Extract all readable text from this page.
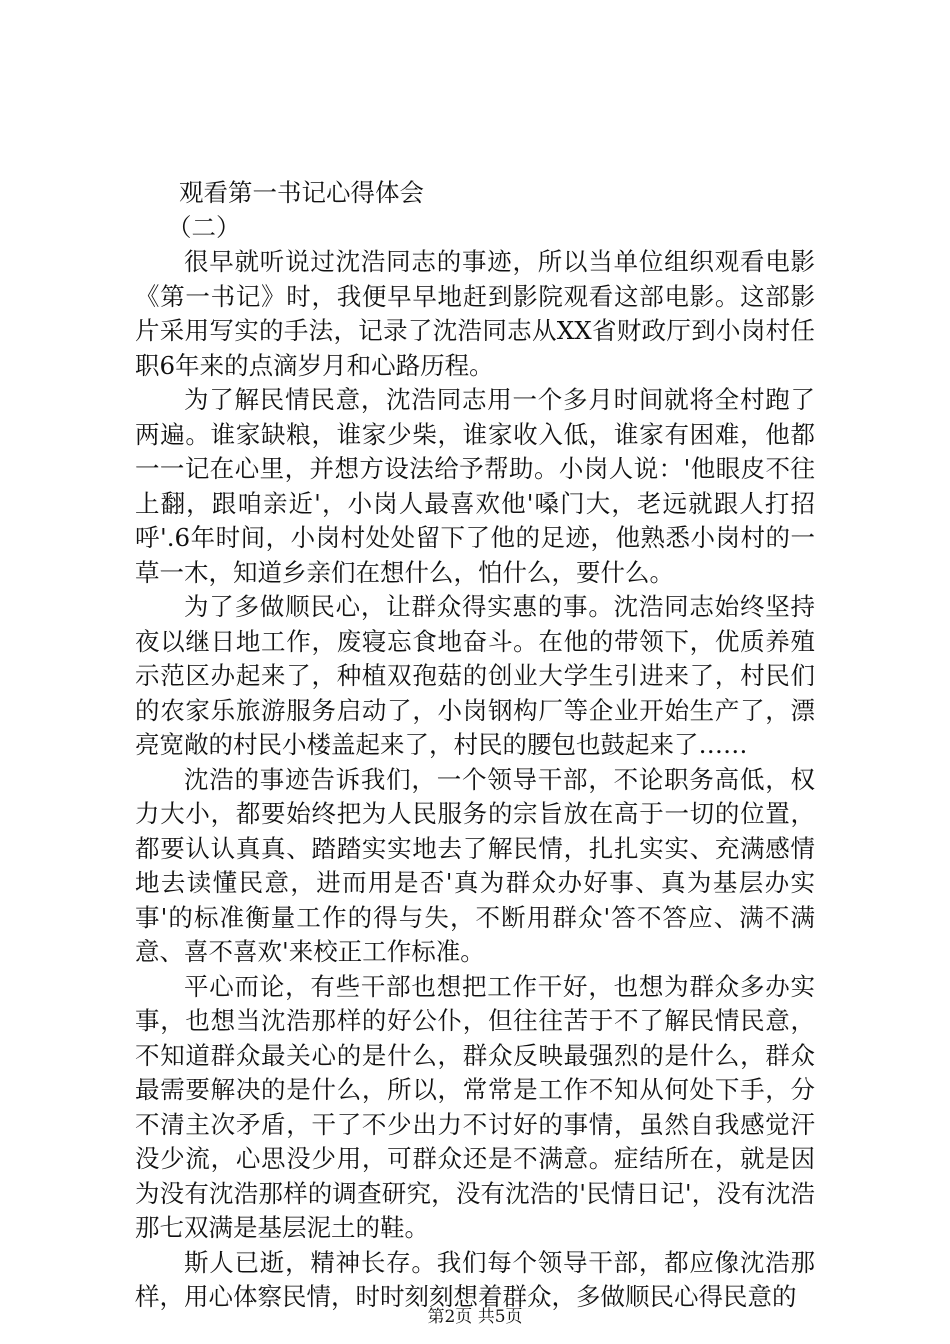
观看第一书记心得体会

（二）

很早就听说过沈浩同志的事迹，所以当单位组织观看电影《第一书记》时，我便早早地赶到影院观看这部电影。这部影片采用写实的手法，记录了沈浩同志从XX省财政厅到小岗村任职6年来的点滴岁月和心路历程。

为了解民情民意，沈浩同志用一个多月时间就将全村跑了两遍。谁家缺粮，谁家少柴，谁家收入低，谁家有困难，他都一一记在心里，并想方设法给予帮助。小岗人说：'他眼皮不往上翻，跟咱亲近'，小岗人最喜欢他'嗓门大，老远就跟人打招呼'.6年时间，小岗村处处留下了他的足迹，他熟悉小岗村的一草一木，知道乡亲们在想什么，怕什么，要什么。

为了多做顺民心，让群众得实惠的事。沈浩同志始终坚持夜以继日地工作，废寝忘食地奋斗。在他的带领下，优质养殖示范区办起来了，种植双孢菇的创业大学生引进来了，村民们的农家乐旅游服务启动了，小岗钢构厂等企业开始生产了，漂亮宽敞的村民小楼盖起来了，村民的腰包也鼓起来了……

沈浩的事迹告诉我们，一个领导干部，不论职务高低，权力大小，都要始终把为人民服务的宗旨放在高于一切的位置，都要认认真真、踏踏实实地去了解民情，扎扎实实、充满感情地去读懂民意，进而用是否'真为群众办好事、真为基层办实事'的标准衡量工作的得与失，不断用群众'答不答应、满不满意、喜不喜欢'来校正工作标准。

平心而论，有些干部也想把工作干好，也想为群众多办实事，也想当沈浩那样的好公仆，但往往苦于不了解民情民意，不知道群众最关心的是什么，群众反映最强烈的是什么，群众最需要解决的是什么，所以，常常是工作不知从何处下手，分不清主次矛盾，干了不少出力不讨好的事情，虽然自我感觉汗没少流，心思没少用，可群众还是不满意。症结所在，就是因为没有沈浩那样的调查研究，没有沈浩的'民情日记'，没有沈浩那七双满是基层泥土的鞋。

斯人已逝，精神长存。我们每个领导干部，都应像沈浩那样，用心体察民情，时时刻刻想着群众，多做顺民心得民意的

第2页 共5页
